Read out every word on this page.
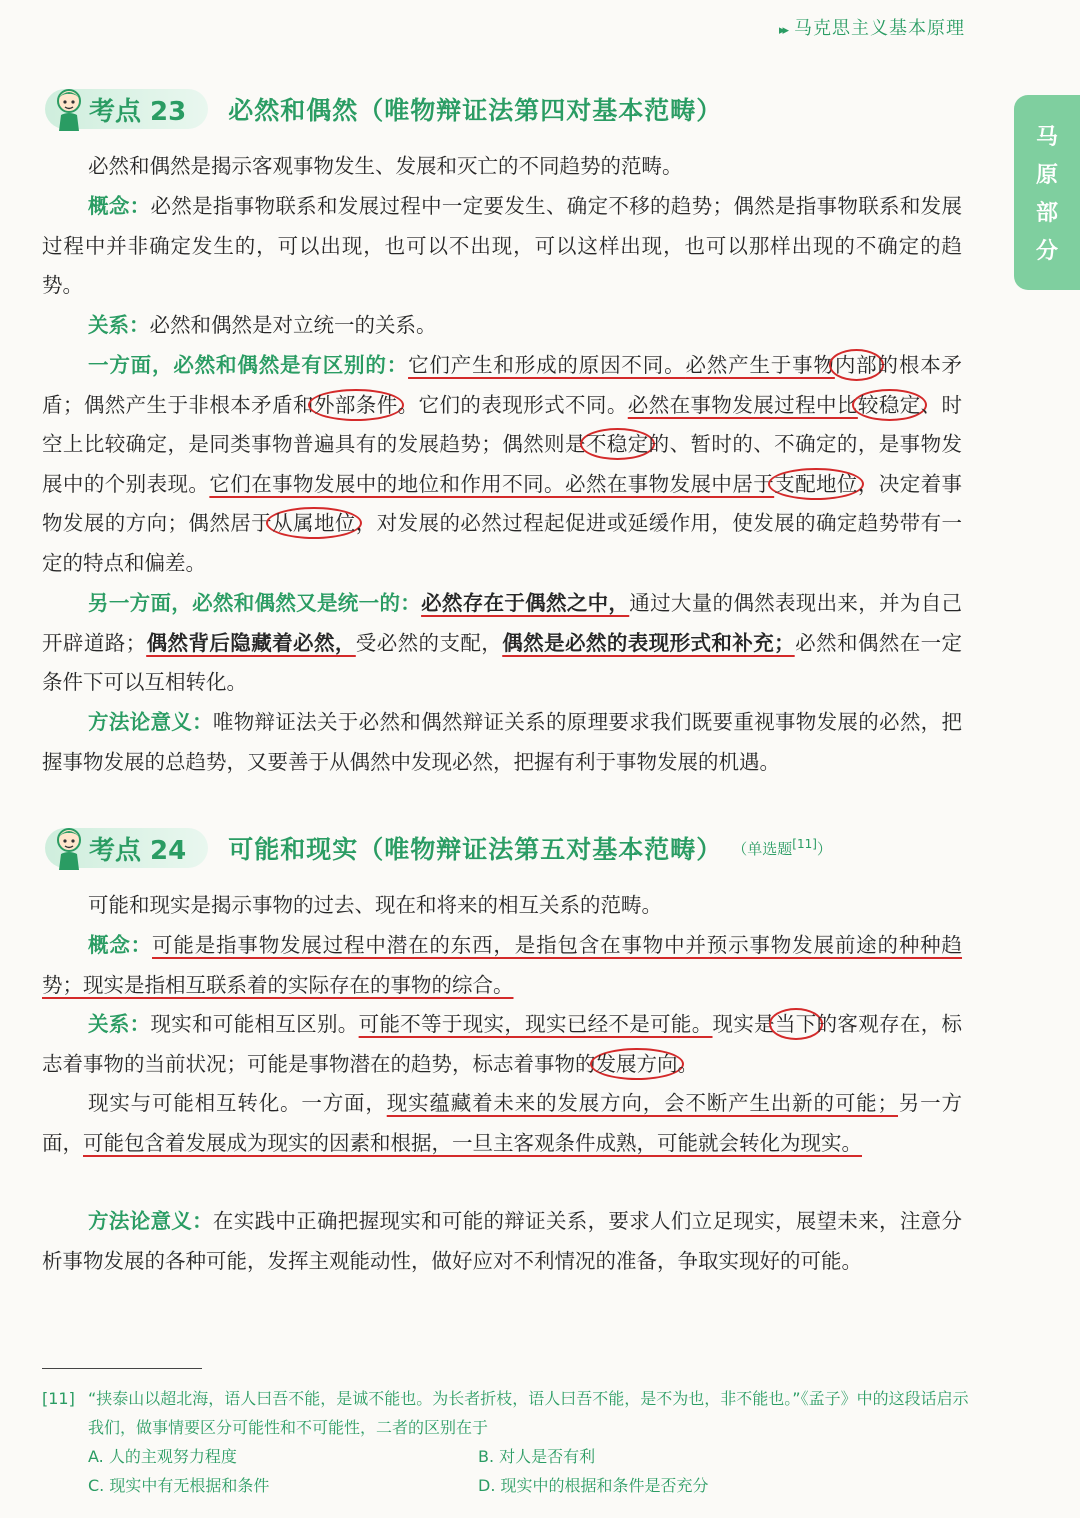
▸▸ 马克思主义基本原理
马
原
部
分
考点 23 必然和偶然（唯物辩证法第四对基本范畴）

必然和偶然是揭示客观事物发生、发展和灭亡的不同趋势的范畴。

概念：必然是指事物联系和发展过程中一定要发生、确定不移的趋势；偶然是指事物联系和发展过程中并非确定发生的，可以出现，也可以不出现，可以这样出现，也可以那样出现的不确定的趋势。

关系：必然和偶然是对立统一的关系。

一方面，必然和偶然是有区别的：它们产生和形成的原因不同。必然产生于事物内部的根本矛盾；偶然产生于非根本矛盾和外部条件。它们的表现形式不同。必然在事物发展过程中比较稳定、时空上比较确定，是同类事物普遍具有的发展趋势；偶然则是不稳定的、暂时的、不确定的，是事物发展中的个别表现。它们在事物发展中的地位和作用不同。必然在事物发展中居于支配地位，决定着事物发展的方向；偶然居于从属地位，对发展的必然过程起促进或延缓作用，使发展的确定趋势带有一定的特点和偏差。

另一方面，必然和偶然又是统一的：必然存在于偶然之中，通过大量的偶然表现出来，并为自己开辟道路；偶然背后隐藏着必然，受必然的支配，偶然是必然的表现形式和补充；必然和偶然在一定条件下可以互相转化。

方法论意义：唯物辩证法关于必然和偶然辩证关系的原理要求我们既要重视事物发展的必然，把握事物发展的总趋势，又要善于从偶然中发现必然，把握有利于事物发展的机遇。

考点 24 可能和现实（唯物辩证法第五对基本范畴） （单选题[11]）

可能和现实是揭示事物的过去、现在和将来的相互关系的范畴。

概念：可能是指事物发展过程中潜在的东西，是指包含在事物中并预示事物发展前途的种种趋势；现实是指相互联系着的实际存在的事物的综合。

关系：现实和可能相互区别。可能不等于现实，现实已经不是可能。现实是当下的客观存在，标志着事物的当前状况；可能是事物潜在的趋势，标志着事物的发展方向。

现实与可能相互转化。一方面，现实蕴藏着未来的发展方向，会不断产生出新的可能；另一方面，可能包含着发展成为现实的因素和根据，一旦主客观条件成熟，可能就会转化为现实。

方法论意义：在实践中正确把握现实和可能的辩证关系，要求人们立足现实，展望未来，注意分析事物发展的各种可能，发挥主观能动性，做好应对不利情况的准备，争取实现好的可能。

[11] “挟泰山以超北海，语人曰吾不能，是诚不能也。为长者折枝，语人曰吾不能，是不为也，非不能也。”《孟子》中的这段话启示我们，做事情要区分可能性和不可能性，二者的区别在于
A. 人的主观努力程度	B. 对人是否有利
C. 现实中有无根据和条件	D. 现实中的根据和条件是否充分
